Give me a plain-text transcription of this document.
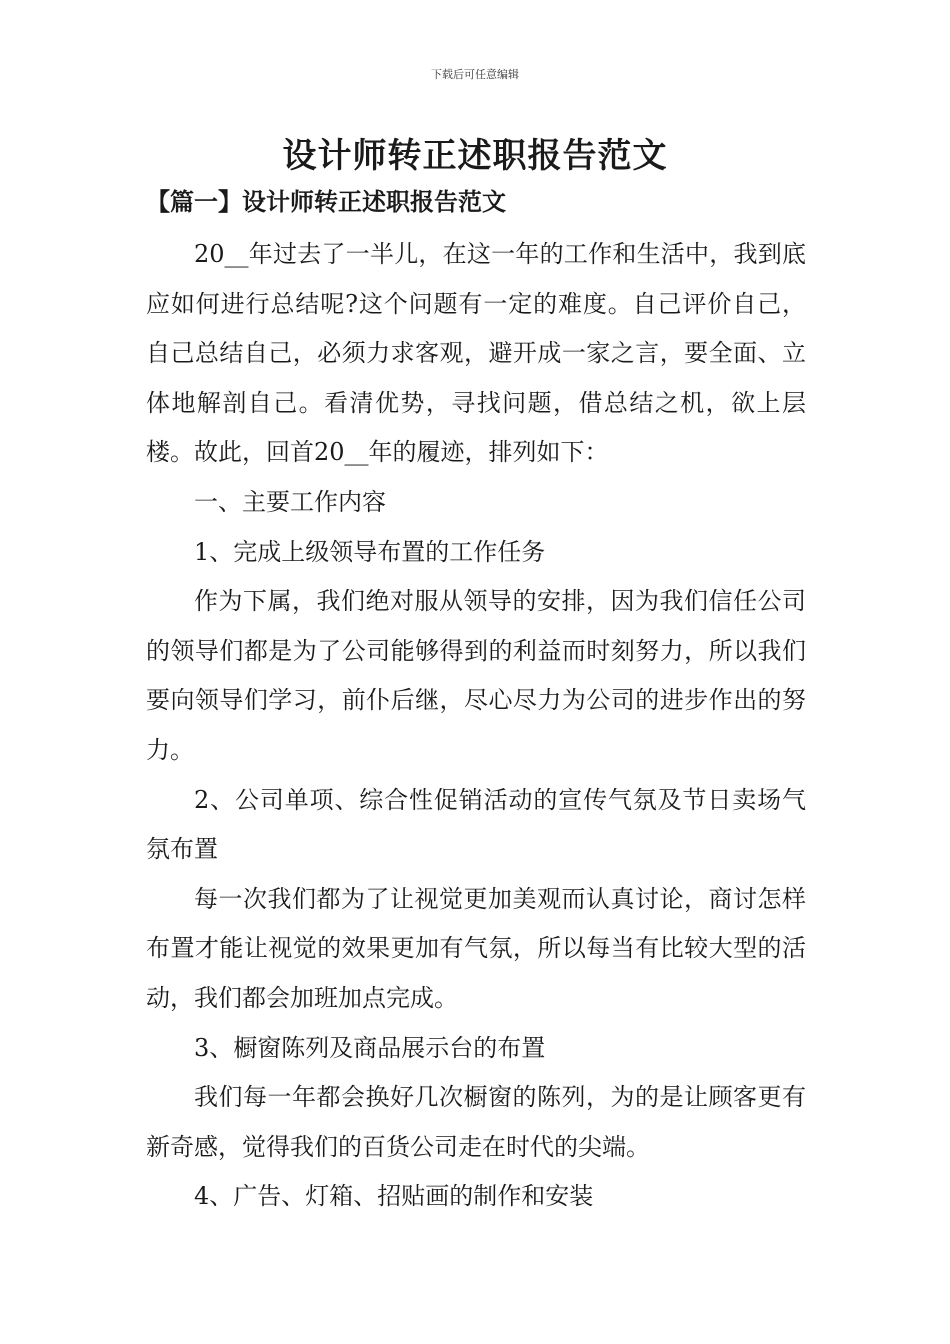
下载后可任意编辑
设计师转正述职报告范文
【篇一】设计师转正述职报告范文

20__年过去了一半儿，在这一年的工作和生活中，我到底应如何进行总结呢?这个问题有一定的难度。自己评价自己，自己总结自己，必须力求客观，避开成一家之言，要全面、立体地解剖自己。看清优势，寻找问题，借总结之机，欲上层楼。故此，回首20__年的履迹，排列如下：

一、主要工作内容

1、完成上级领导布置的工作任务

作为下属，我们绝对服从领导的安排，因为我们信任公司的领导们都是为了公司能够得到的利益而时刻努力，所以我们要向领导们学习，前仆后继，尽心尽力为公司的进步作出的努力。

2、公司单项、综合性促销活动的宣传气氛及节日卖场气氛布置

每一次我们都为了让视觉更加美观而认真讨论，商讨怎样布置才能让视觉的效果更加有气氛，所以每当有比较大型的活动，我们都会加班加点完成。

3、橱窗陈列及商品展示台的布置

我们每一年都会换好几次橱窗的陈列，为的是让顾客更有新奇感，觉得我们的百货公司走在时代的尖端。

4、广告、灯箱、招贴画的制作和安装
